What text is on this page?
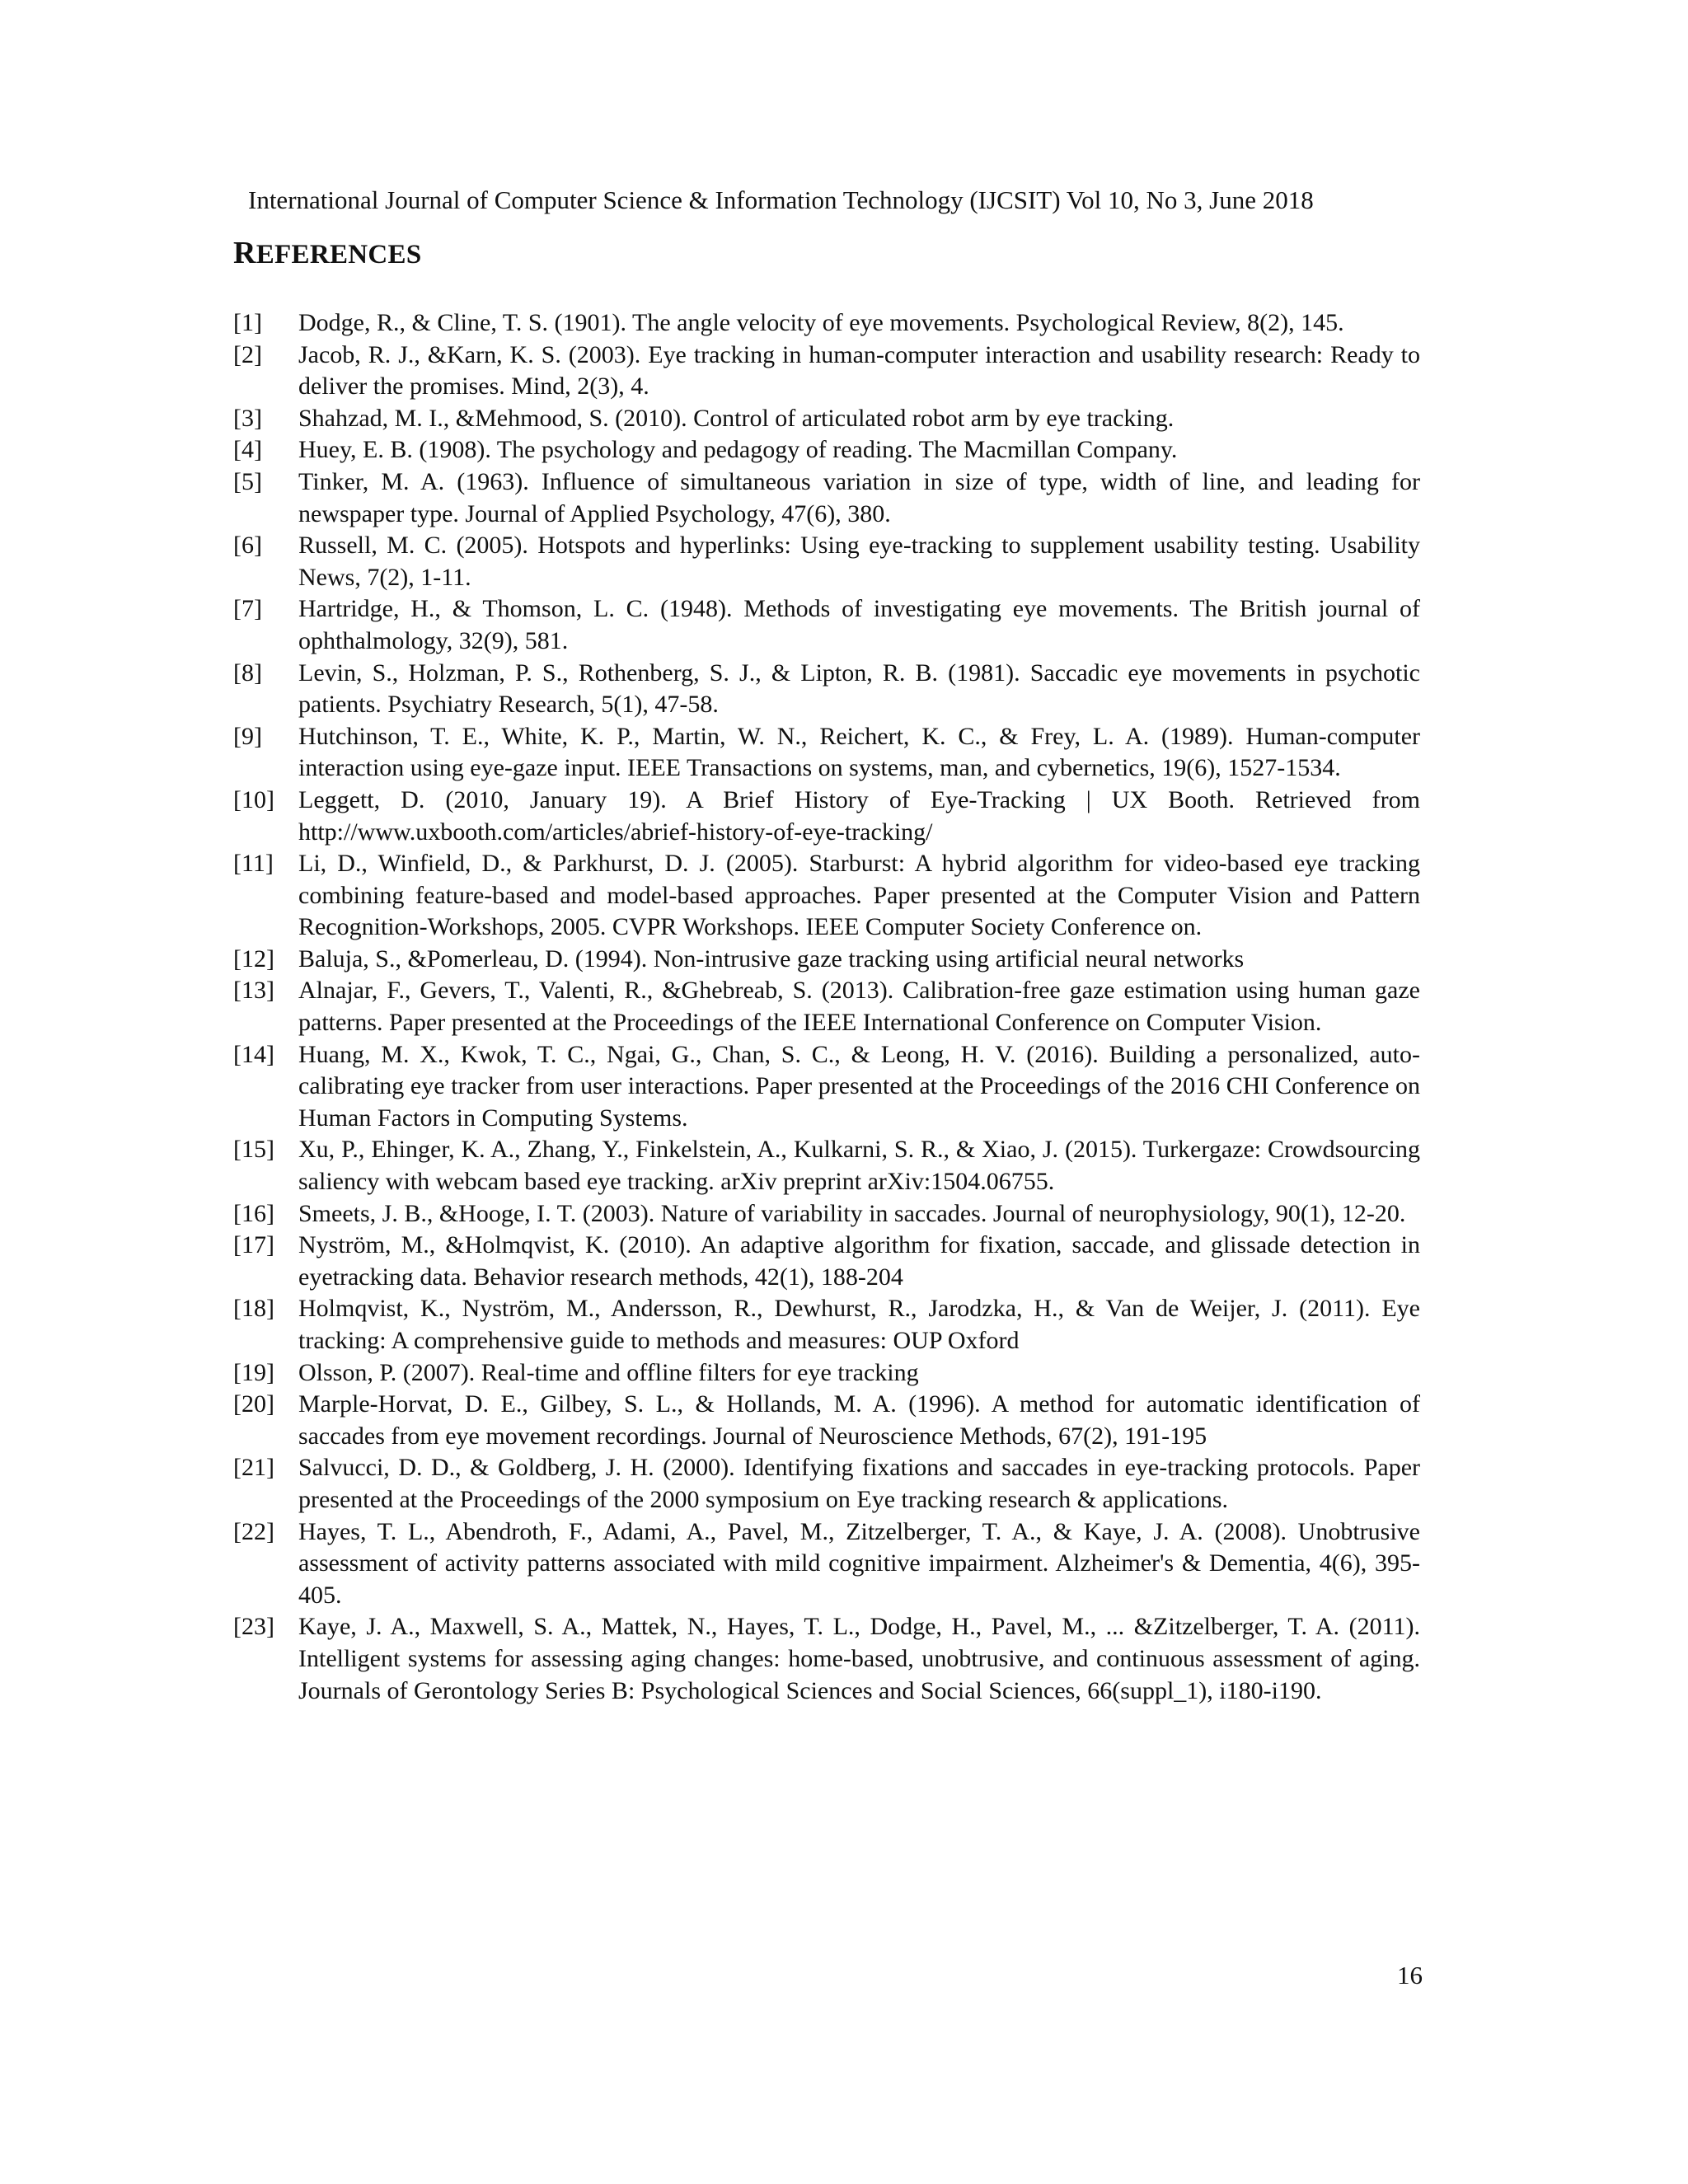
International Journal of Computer Science & Information Technology (IJCSIT) Vol 10, No 3, June 2018
REFERENCES
[1]	Dodge, R., & Cline, T. S. (1901). The angle velocity of eye movements. Psychological Review, 8(2), 145.
[2]	Jacob, R. J., &Karn, K. S. (2003). Eye tracking in human-computer interaction and usability research: Ready to deliver the promises. Mind, 2(3), 4.
[3]	Shahzad, M. I., &Mehmood, S. (2010). Control of articulated robot arm by eye tracking.
[4]	Huey, E. B. (1908). The psychology and pedagogy of reading. The Macmillan Company.
[5]	Tinker, M. A. (1963). Influence of simultaneous variation in size of type, width of line, and leading for newspaper type. Journal of Applied Psychology, 47(6), 380.
[6]	Russell, M. C. (2005). Hotspots and hyperlinks: Using eye-tracking to supplement usability testing. Usability News, 7(2), 1-11.
[7]	Hartridge, H., & Thomson, L. C. (1948). Methods of investigating eye movements. The British journal of ophthalmology, 32(9), 581.
[8]	Levin, S., Holzman, P. S., Rothenberg, S. J., & Lipton, R. B. (1981). Saccadic eye movements in psychotic patients. Psychiatry Research, 5(1), 47-58.
[9]	Hutchinson, T. E., White, K. P., Martin, W. N., Reichert, K. C., & Frey, L. A. (1989). Human-computer interaction using eye-gaze input. IEEE Transactions on systems, man, and cybernetics, 19(6), 1527-1534.
[10] Leggett, D. (2010, January 19). A Brief History of Eye-Tracking | UX Booth. Retrieved from http://www.uxbooth.com/articles/abrief-history-of-eye-tracking/
[11]	Li, D., Winfield, D., & Parkhurst, D. J. (2005). Starburst: A hybrid algorithm for video-based eye tracking combining feature-based and model-based approaches. Paper presented at the Computer Vision and Pattern Recognition-Workshops, 2005. CVPR Workshops. IEEE Computer Society Conference on.
[12] Baluja, S., &Pomerleau, D. (1994). Non-intrusive gaze tracking using artificial neural networks
[13] Alnajar, F., Gevers, T., Valenti, R., &Ghebreab, S. (2013). Calibration-free gaze estimation using human gaze patterns. Paper presented at the Proceedings of the IEEE International Conference on Computer Vision.
[14] Huang, M. X., Kwok, T. C., Ngai, G., Chan, S. C., & Leong, H. V. (2016). Building a personalized, auto-calibrating eye tracker from user interactions. Paper presented at the Proceedings of the 2016 CHI Conference on Human Factors in Computing Systems.
[15] Xu, P., Ehinger, K. A., Zhang, Y., Finkelstein, A., Kulkarni, S. R., & Xiao, J. (2015). Turkergaze: Crowdsourcing saliency with webcam based eye tracking. arXiv preprint arXiv:1504.06755.
[16] Smeets, J. B., &Hooge, I. T. (2003). Nature of variability in saccades. Journal of neurophysiology, 90(1), 12-20.
[17] Nyström, M., &Holmqvist, K. (2010). An adaptive algorithm for fixation, saccade, and glissade detection in eyetracking data. Behavior research methods, 42(1), 188-204
[18] Holmqvist, K., Nyström, M., Andersson, R., Dewhurst, R., Jarodzka, H., & Van de Weijer, J. (2011). Eye tracking: A comprehensive guide to methods and measures: OUP Oxford
[19] Olsson, P. (2007). Real-time and offline filters for eye tracking
[20] Marple-Horvat, D. E., Gilbey, S. L., & Hollands, M. A. (1996). A method for automatic identification of saccades from eye movement recordings. Journal of Neuroscience Methods, 67(2), 191-195
[21] Salvucci, D. D., & Goldberg, J. H. (2000). Identifying fixations and saccades in eye-tracking protocols. Paper presented at the Proceedings of the 2000 symposium on Eye tracking research & applications.
[22] Hayes, T. L., Abendroth, F., Adami, A., Pavel, M., Zitzelberger, T. A., & Kaye, J. A. (2008). Unobtrusive assessment of activity patterns associated with mild cognitive impairment. Alzheimer's & Dementia, 4(6), 395-405.
[23] Kaye, J. A., Maxwell, S. A., Mattek, N., Hayes, T. L., Dodge, H., Pavel, M., ... &Zitzelberger, T. A. (2011). Intelligent systems for assessing aging changes: home-based, unobtrusive, and continuous assessment of aging. Journals of Gerontology Series B: Psychological Sciences and Social Sciences, 66(suppl_1), i180-i190.
16
